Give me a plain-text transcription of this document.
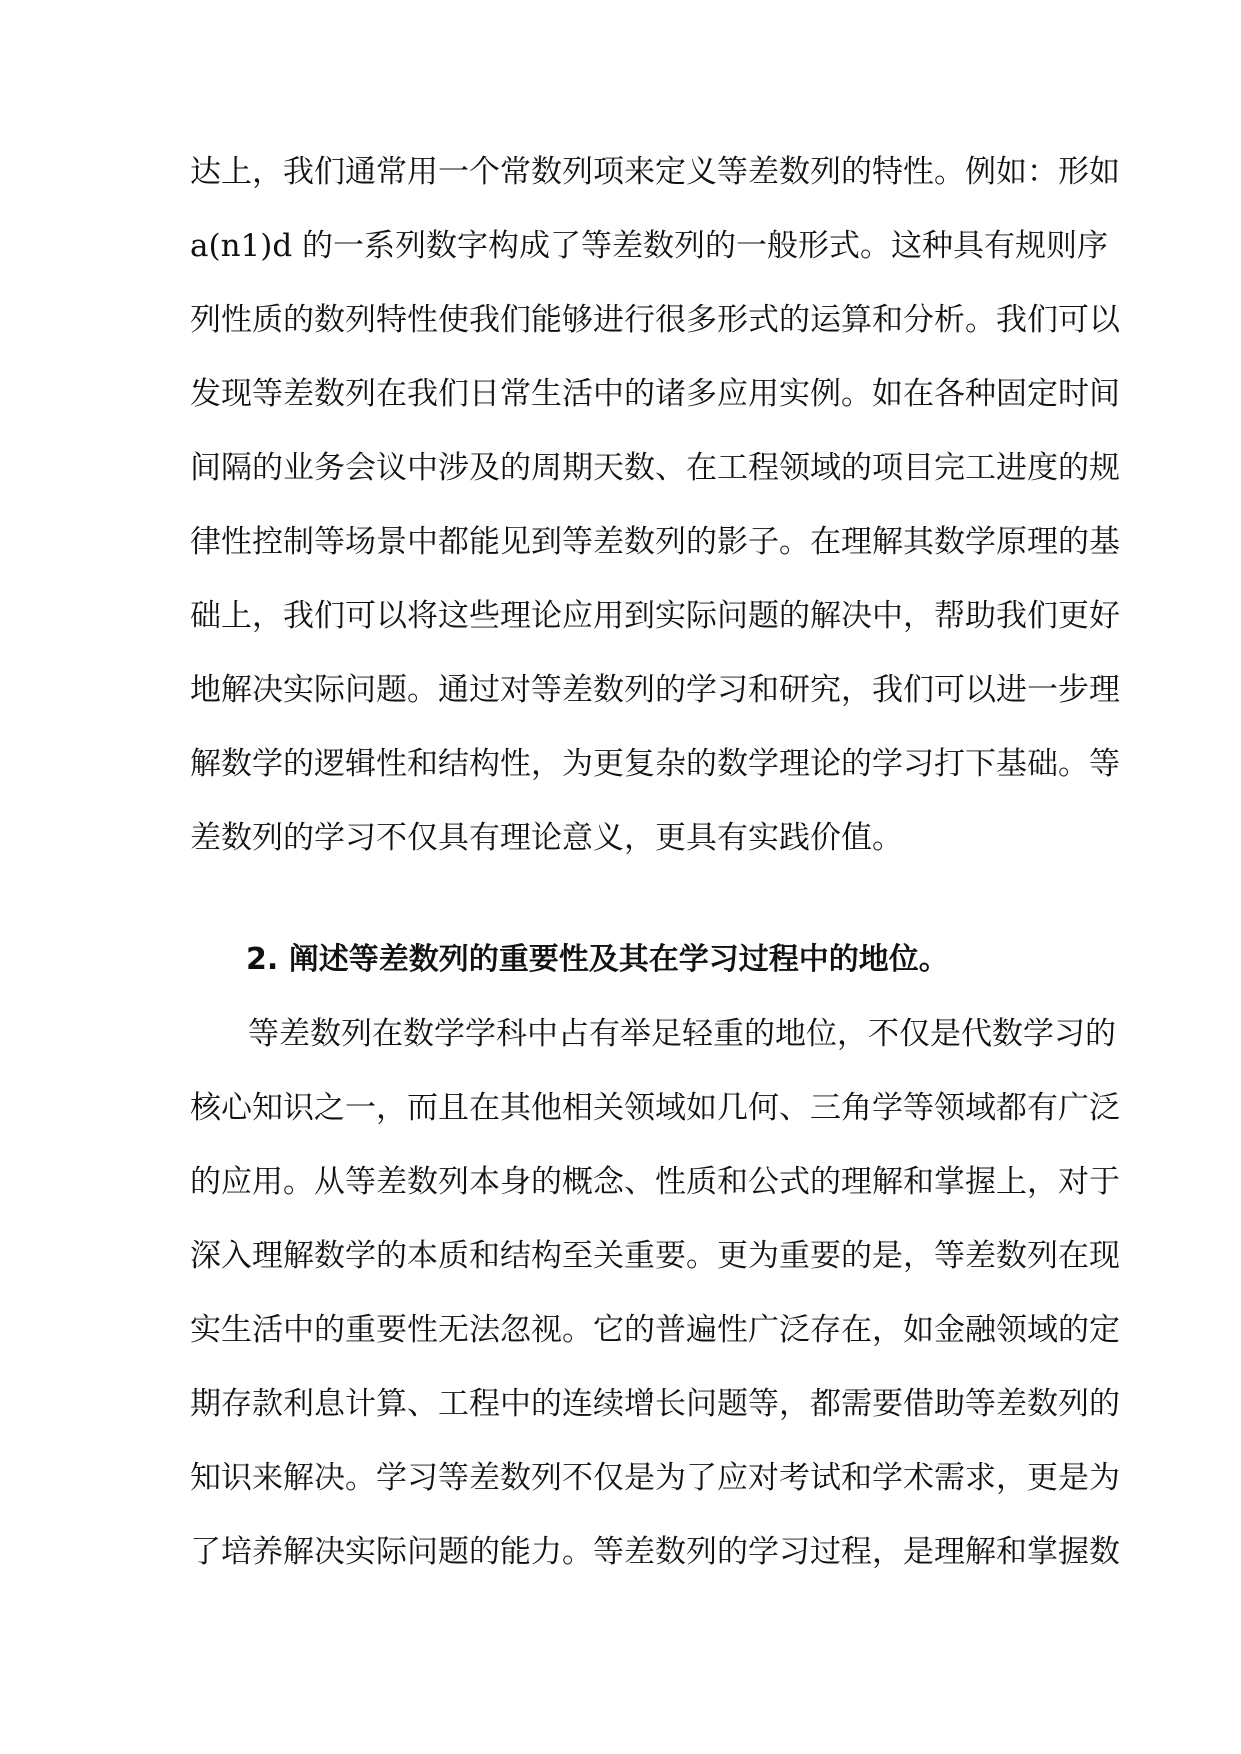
达上，我们通常用一个常数列项来定义等差数列的特性。例如：形如
a(n1)d 的一系列数字构成了等差数列的一般形式。这种具有规则序
列性质的数列特性使我们能够进行很多形式的运算和分析。我们可以
发现等差数列在我们日常生活中的诸多应用实例。如在各种固定时间
间隔的业务会议中涉及的周期天数、在工程领域的项目完工进度的规
律性控制等场景中都能见到等差数列的影子。在理解其数学原理的基
础上，我们可以将这些理论应用到实际问题的解决中，帮助我们更好
地解决实际问题。通过对等差数列的学习和研究，我们可以进一步理
解数学的逻辑性和结构性，为更复杂的数学理论的学习打下基础。等
差数列的学习不仅具有理论意义，更具有实践价值。
2. 阐述等差数列的重要性及其在学习过程中的地位。
等差数列在数学学科中占有举足轻重的地位，不仅是代数学习的
核心知识之一，而且在其他相关领域如几何、三角学等领域都有广泛
的应用。从等差数列本身的概念、性质和公式的理解和掌握上，对于
深入理解数学的本质和结构至关重要。更为重要的是，等差数列在现
实生活中的重要性无法忽视。它的普遍性广泛存在，如金融领域的定
期存款利息计算、工程中的连续增长问题等，都需要借助等差数列的
知识来解决。学习等差数列不仅是为了应对考试和学术需求，更是为
了培养解决实际问题的能力。等差数列的学习过程，是理解和掌握数
